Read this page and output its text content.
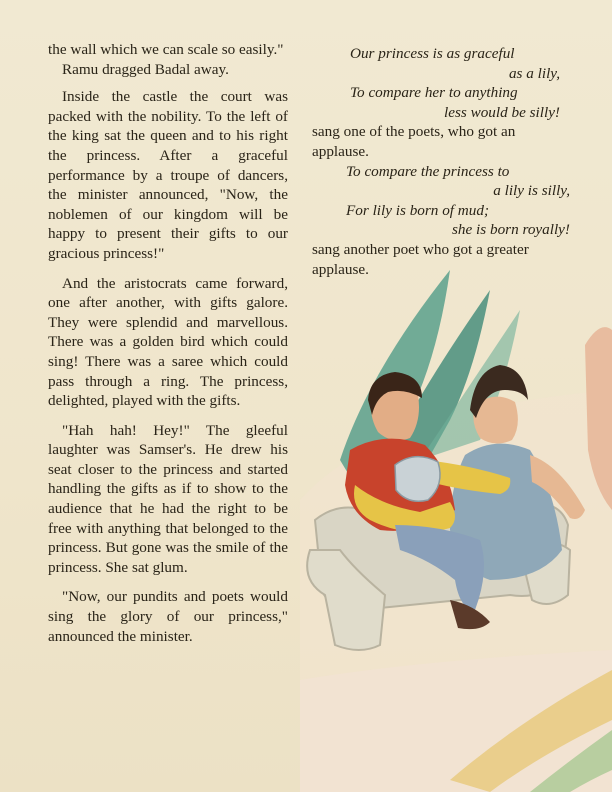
the wall which we can scale so easily."

Ramu dragged Badal away.

Inside the castle the court was packed with the nobility. To the left of the king sat the queen and to his right the princess. After a graceful performance by a troupe of dancers, the minister announced, "Now, the noblemen of our kingdom will be happy to present their gifts to our gracious princess!"

And the aristocrats came forward, one after another, with gifts galore. They were splendid and marvellous. There was a golden bird which could sing! There was a saree which could pass through a ring. The princess, delighted, played with the gifts.

"Hah hah! Hey!" The gleeful laughter was Samser's. He drew his seat closer to the princess and started handling the gifts as if to show to the audience that he had the right to be free with anything that belonged to the princess. But gone was the smile of the princess. She sat glum.

"Now, our pundits and poets would sing the glory of our princess," announced the minister.

Our princess is as graceful

as a lily,

To compare her to anything

less would be silly!

sang one of the poets, who got an applause.

To compare the princess to

a lily is silly,

For lily is born of mud;

she is born royally!

sang another poet who got a greater applause.
